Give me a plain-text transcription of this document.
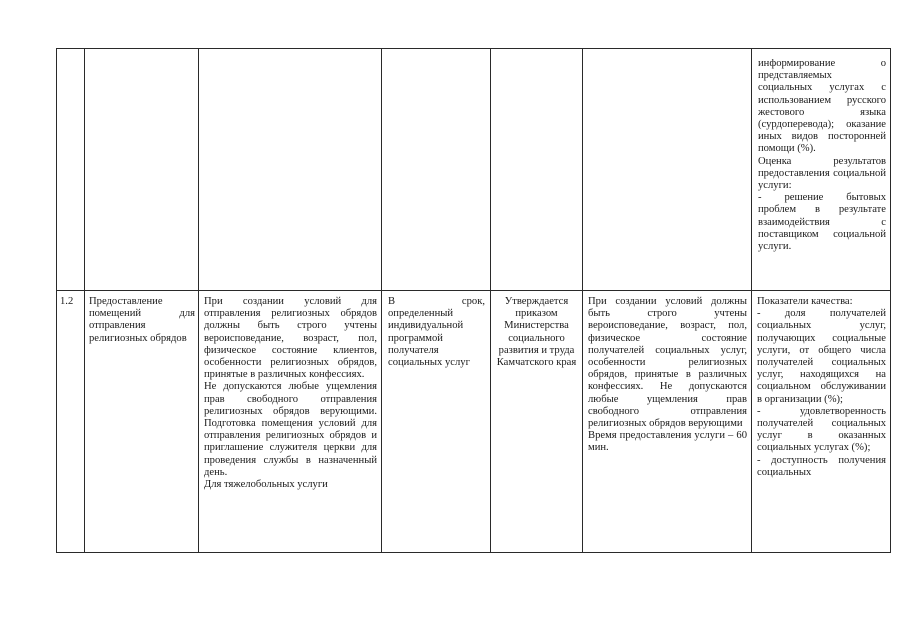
информирование о представляемых социальных услугах с использованием русского жестового языка (сурдоперевода); оказание иных видов посторонней помощи (%).

Оценка результатов предоставления социальной услуги:

- решение бытовых проблем в результате взаимодействия с поставщиком социальной услуги.

1.2	Предоставление помещений для отправления религиозных обрядов

При создании условий для отправления религиозных обрядов должны быть строго учтены вероисповедание, возраст, пол, физическое состояние клиентов, особенности религиозных обрядов, принятые в различных конфессиях.

Не допускаются любые ущемления прав свободного отправления религиозных обрядов верующими. Подготовка помещения условий для отправления религиозных обрядов и приглашение служителя церкви для проведения службы в назначенный день.

Для тяжелобольных услуги

В срок, определенный индивидуальной программой получателя социальных услуг
Утверждается приказом Министерства социального развития и труда Камчатского края

При создании условий должны быть строго учтены вероисповедание, возраст, пол, физическое состояние получателей социальных услуг, особенности религиозных обрядов, принятые в различных конфессиях. Не допускаются любые ущемления прав свободного отправления религиозных обрядов верующими

Время предоставления услуги – 60 мин.

Показатели качества:

- доля получателей социальных услуг, получающих социальные услуги, от общего числа получателей социальных услуг, находящихся на социальном обслуживании в организации (%);

- удовлетворенность получателей социальных услуг в оказанных социальных услугах (%);

- доступность получения социальных
